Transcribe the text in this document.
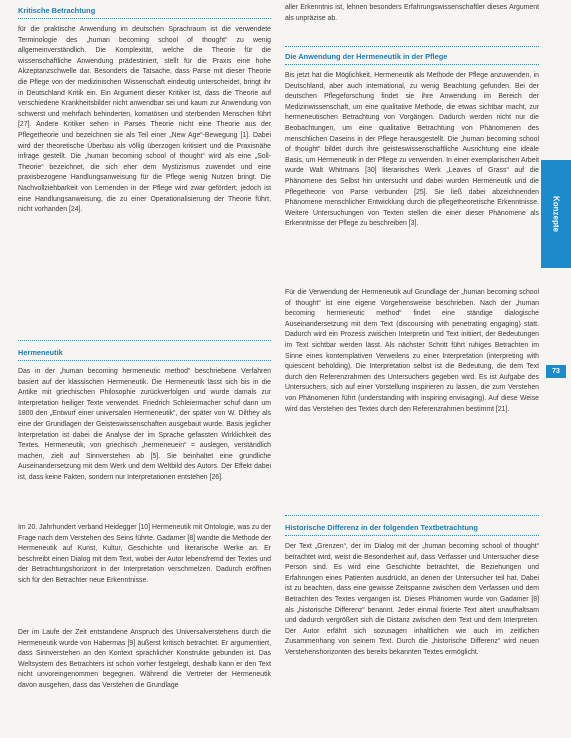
Kritische Betrachtung

für die praktische Anwendung im deutschen Sprachraum ist die verwendete Terminologie des „human becoming school of thought“ zu wenig allgemeinverständlich. Die Komplexität, welche die Theorie für die wissenschaftliche Anwendung prädestiniert, stellt für die Praxis eine hohe Akzeptanzschwelle dar. Besonders die Tatsache, dass Parse mit dieser Theorie die Pflege von der medizinischen Wissenschaft eindeutig unterscheidet, bringt ihr in Deutschland Kritik ein. Ein Argument dieser Kritiker ist, dass die Theorie auf verschiedene Krankheitsbilder nicht anwendbar sei und kaum zur Anwendung von schwerst und mehrfach behinderten, komatösen und sterbenden Menschen führt [27]. Andere Kritiker sehen in Parses Theorie nicht eine Theorie aus der Pflegetheorie und bezeichnen sie als Teil einer „New Age“-Bewegung [1]. Dabei wird der theoretische Überbau als völlig überzogen kritisiert und die Praxisnähe infrage gestellt. Die „human becoming school of thought“ wird als eine „Soll-Theorie“ bezeichnet, die sich eher dem Mystizismus zuwendet und eine praxisbezogene Handlungsanweisung für die Pflege wenig Nutzen bringt. Die Nachvollziehbarkeit von Lernenden in der Pflege wird zwar gefördert; jedoch ist eine Handlungsanweisung, die zu einer Operationalisierung der Theorie führt, nicht vorhanden [24].

Hermeneutik

Das in der „human becoming hermeneutic method“ beschriebene Verfahren basiert auf der klassischen Hermeneutik. Die Hermeneutik lässt sich bis in die Antike mit griechischen Philosophie zurückverfolgen und wurde damals zur Interpretation heiliger Texte verwendet. Friedrich Schleiermacher schuf dann um 1800 den „Entwurf einer universalen Hermeneutik“, der später von W. Dilthey als eine der Grundlagen der Geisteswissenschaften ausgebaut wurde. Basis jeglicher Interpretation ist dabei die Analyse der im Sprache gefassten Wirklichkeit des Textes. Hermeneutik, von griechisch „hermeneuein“ = auslegen, verständlich machen, zielt auf Sinnverstehen ab [5]. Sie beinhaltet eine grundliche Auseinandersetzung mit dem Werk und dem Weltbild des Autors. Der Effekt dabei ist, dass keine Fakten, sondern nur Interpretationen entstehen [26].

Im 20. Jahrhundert verband Heidegger [10] Hermeneutik mit Ontologie, was zu der Frage nach dem Verstehen des Seins führte. Gadamer [8] wandte die Methode der Hermeneutik auf Kunst, Kultur, Geschichte und literarische Werke an. Er beschreibt einen Dialog mit dem Text, wobei der Autor lebensfremd der Textes und der Betrachtungshorizont in der Interpretation verschmelzen. Dadurch eröffnen sich für den Betrachter neue Erkenntnisse.

Der im Laufe der Zeit entstandene Anspruch des Universalverstehens durch die Hermeneutik wurde von Habermas [9] äußerst kritisch betrachtet. Er argumentiert, dass Sinnverstehen an den Kontext sprachlicher Konstrukte gebunden ist. Das Weltsystem des Betrachters ist schon vorher festgelegt, deshalb kann er den Text nicht unvoreingenommen begegnen. Während die Vertreter der Hermeneutik davon ausgehen, dass das Verstehen die Grundlage

aller Erkenntnis ist, lehnen besonders Erfahrungswissenschaftler dieses Argument als unpräzise ab.

Die Anwendung der Hermeneutik in der Pflege

Bis jetzt hat die Möglichkeit, Hermeneutik als Methode der Pflege anzuwenden, in Deutschland, aber auch international, zu wenig Beachtung gefunden. Bei der deutschen Pflegeforschung findet sie ihre Anwendung im Bereich der Medizinwissenschaft, um eine qualitative Methode, die etwas sichtbar macht, zur hermeneutischen Betrachtung von Vorgängen. Dadurch werden nicht nur die Beobachtungen, um eine qualitative Betrachtung von Phänomenen des menschlichen Daseins in der Pflege herausgestellt. Die „human becoming school of thought“ bildet durch ihre geisteswissenschaftliche Ausrichtung eine ideale Basis, um Hermeneutik in der Pflege zu verwenden. In einer exemplarischen Arbeit wurde Walt Whitmans [30] literarisches Werk „Leaves of Grass“ auf die Phänomene des Selbst hin untersucht und dabei wurden Hermeneutik und die Pflegetheorie von Parse verbunden [25]. Sie ließ dabei abzeichnenden Phänomene menschlicher Entwicklung durch die pflegetheoretische Erkenntnisse. Weitere Untersuchungen von Texten stellen die einer dieser Phänomene als Erkenntnisse der Pflege zu beschreiben [3].

Für die Verwendung der Hermeneutik auf Grundlage der „human becoming school of thought“ ist eine eigene Vorgehensweise beschrieben. Nach der „human becoming hermeneutic method“ findet eine ständige dialogische Auseinandersetzung mit dem Text (discoursing with penetrating engaging) statt. Dadurch wird ein Prozess zwischen Interpretin und Text initiiert, der Bedeutungen im Text sichtbar werden lässt. Als nächster Schritt führt ruhiges Betrachten im Sinne eines kontemplativen Verweilens zu einer Interpretation (interpreting with quiescent beholding). Die Interpretation selbst ist die Bedeutung, die dem Text durch den Referenzrahmen des Untersuchers gegeben wird. Es ist Aufgabe des Untersuchers, sich auf einer Vorstellung inspirieren zu lassen, die zum Verstehen von Phänomenen führt (understanding with inspiring envisaging). Auf diese Weise wird das Verstehen des Textes durch den Referenzrahmen bestimmt [21].

Historische Differenz in der folgenden Textbetrachtung

Der Text „Grenzen“, der im Dialog mit der „human becoming school of thought“ betrachtet wird, weist die Besonderheit auf, dass Verfasser und Untersucher diese Person sind. Es wird eine Geschichte betrachtet, die Beziehungen und Erfahrungen eines Patienten ausdrückt, an denen der Untersucher teil hat. Dabei ist zu beachten, dass eine gewisse Zeitspanne zwischen dem Verfassen und dem Betrachten des Textes vergangen ist. Dieses Phänomen wurde von Gadamer [8] als „historische Differenz“ benannt. Jeder einmal fixierte Text altert unaufhaltsam und dadurch vergrößert sich die Distanz zwischen dem Text und dem Interpreten. Der Autor erfährt sich sozusagen inhaltlichen wie auch im zeitlichen Zusammenhang von seinem Text. Durch die „historische Differenz“ wird neuen Verstehenshorizonten des bereits bekannten Textes ermöglicht.

Konzepte
73
